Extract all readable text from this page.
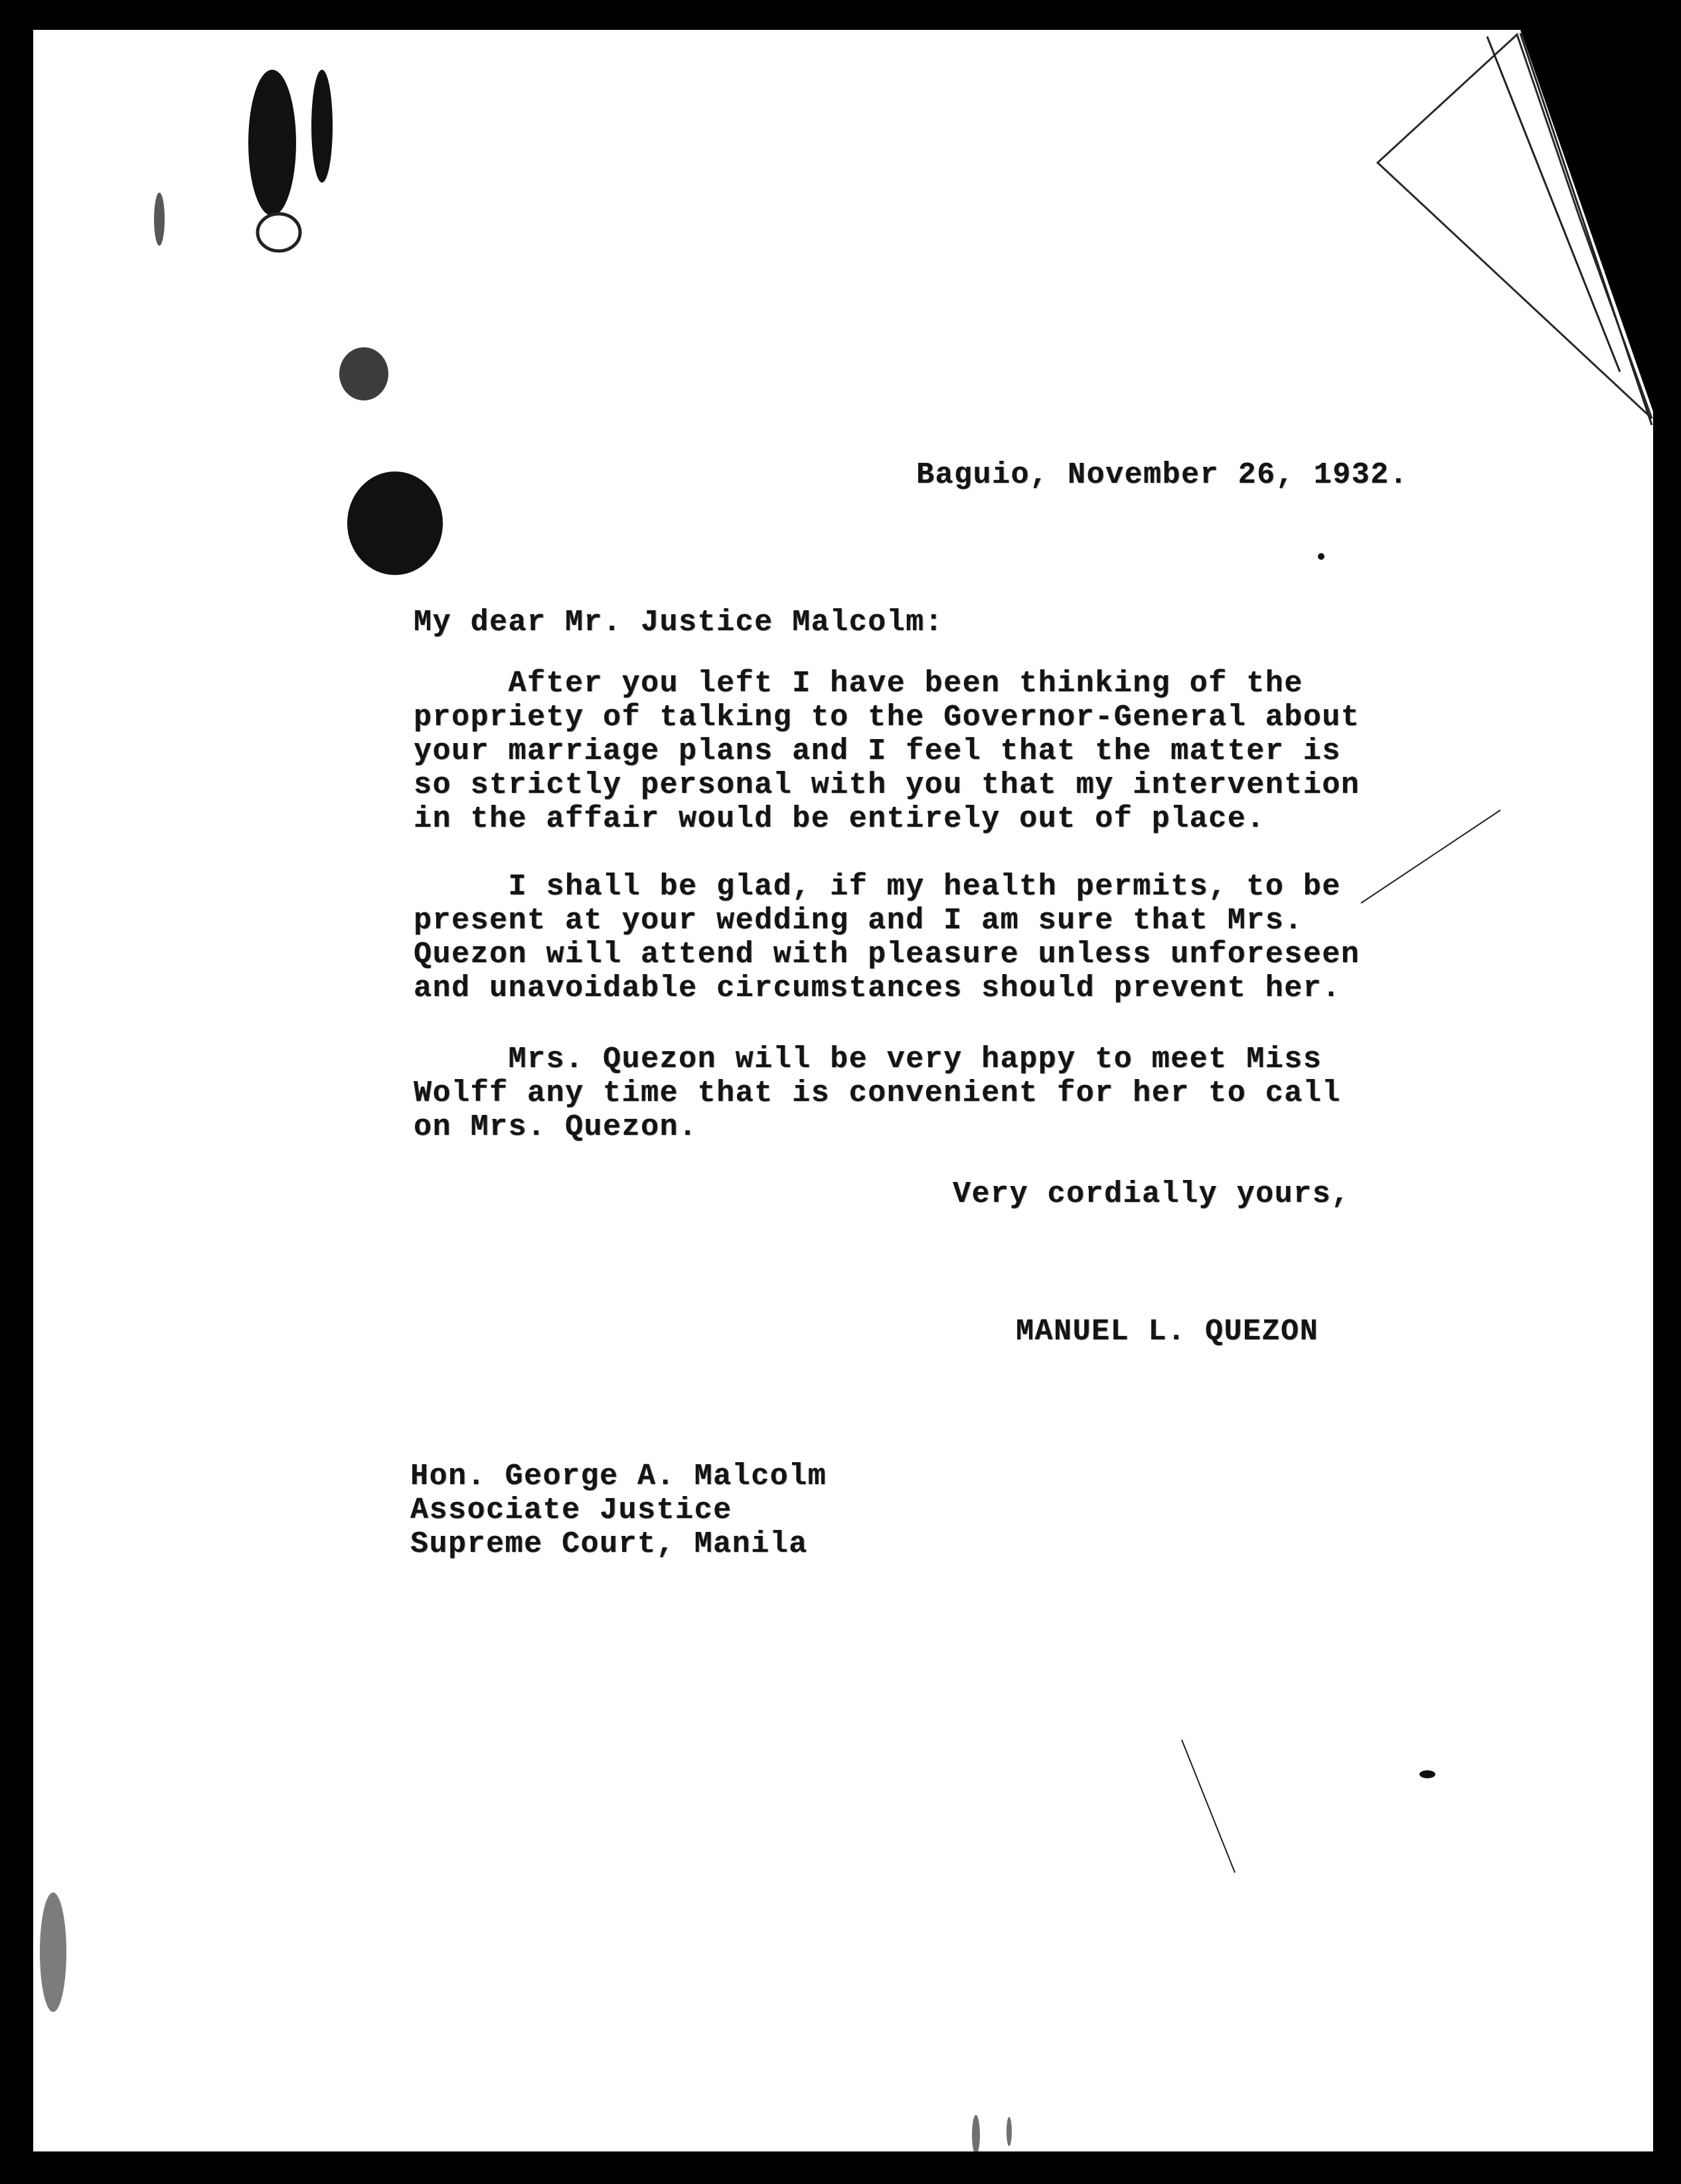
Baguio, November 26, 1932.

My dear Mr. Justice Malcolm:

After you left I have been thinking of the
propriety of talking to the Governor-General about
your marriage plans and I feel that the matter is
so strictly personal with you that my intervention
in the affair would be entirely out of place.
I shall be glad, if my health permits, to be
present at your wedding and I am sure that Mrs.
Quezon will attend with pleasure unless unforeseen
and unavoidable circumstances should prevent her.
Mrs. Quezon will be very happy to meet Miss
Wolff any time that is convenient for her to call
on Mrs. Quezon.

Very cordially yours,

MANUEL L. QUEZON

Hon. George A. Malcolm
Associate Justice
Supreme Court, Manila
